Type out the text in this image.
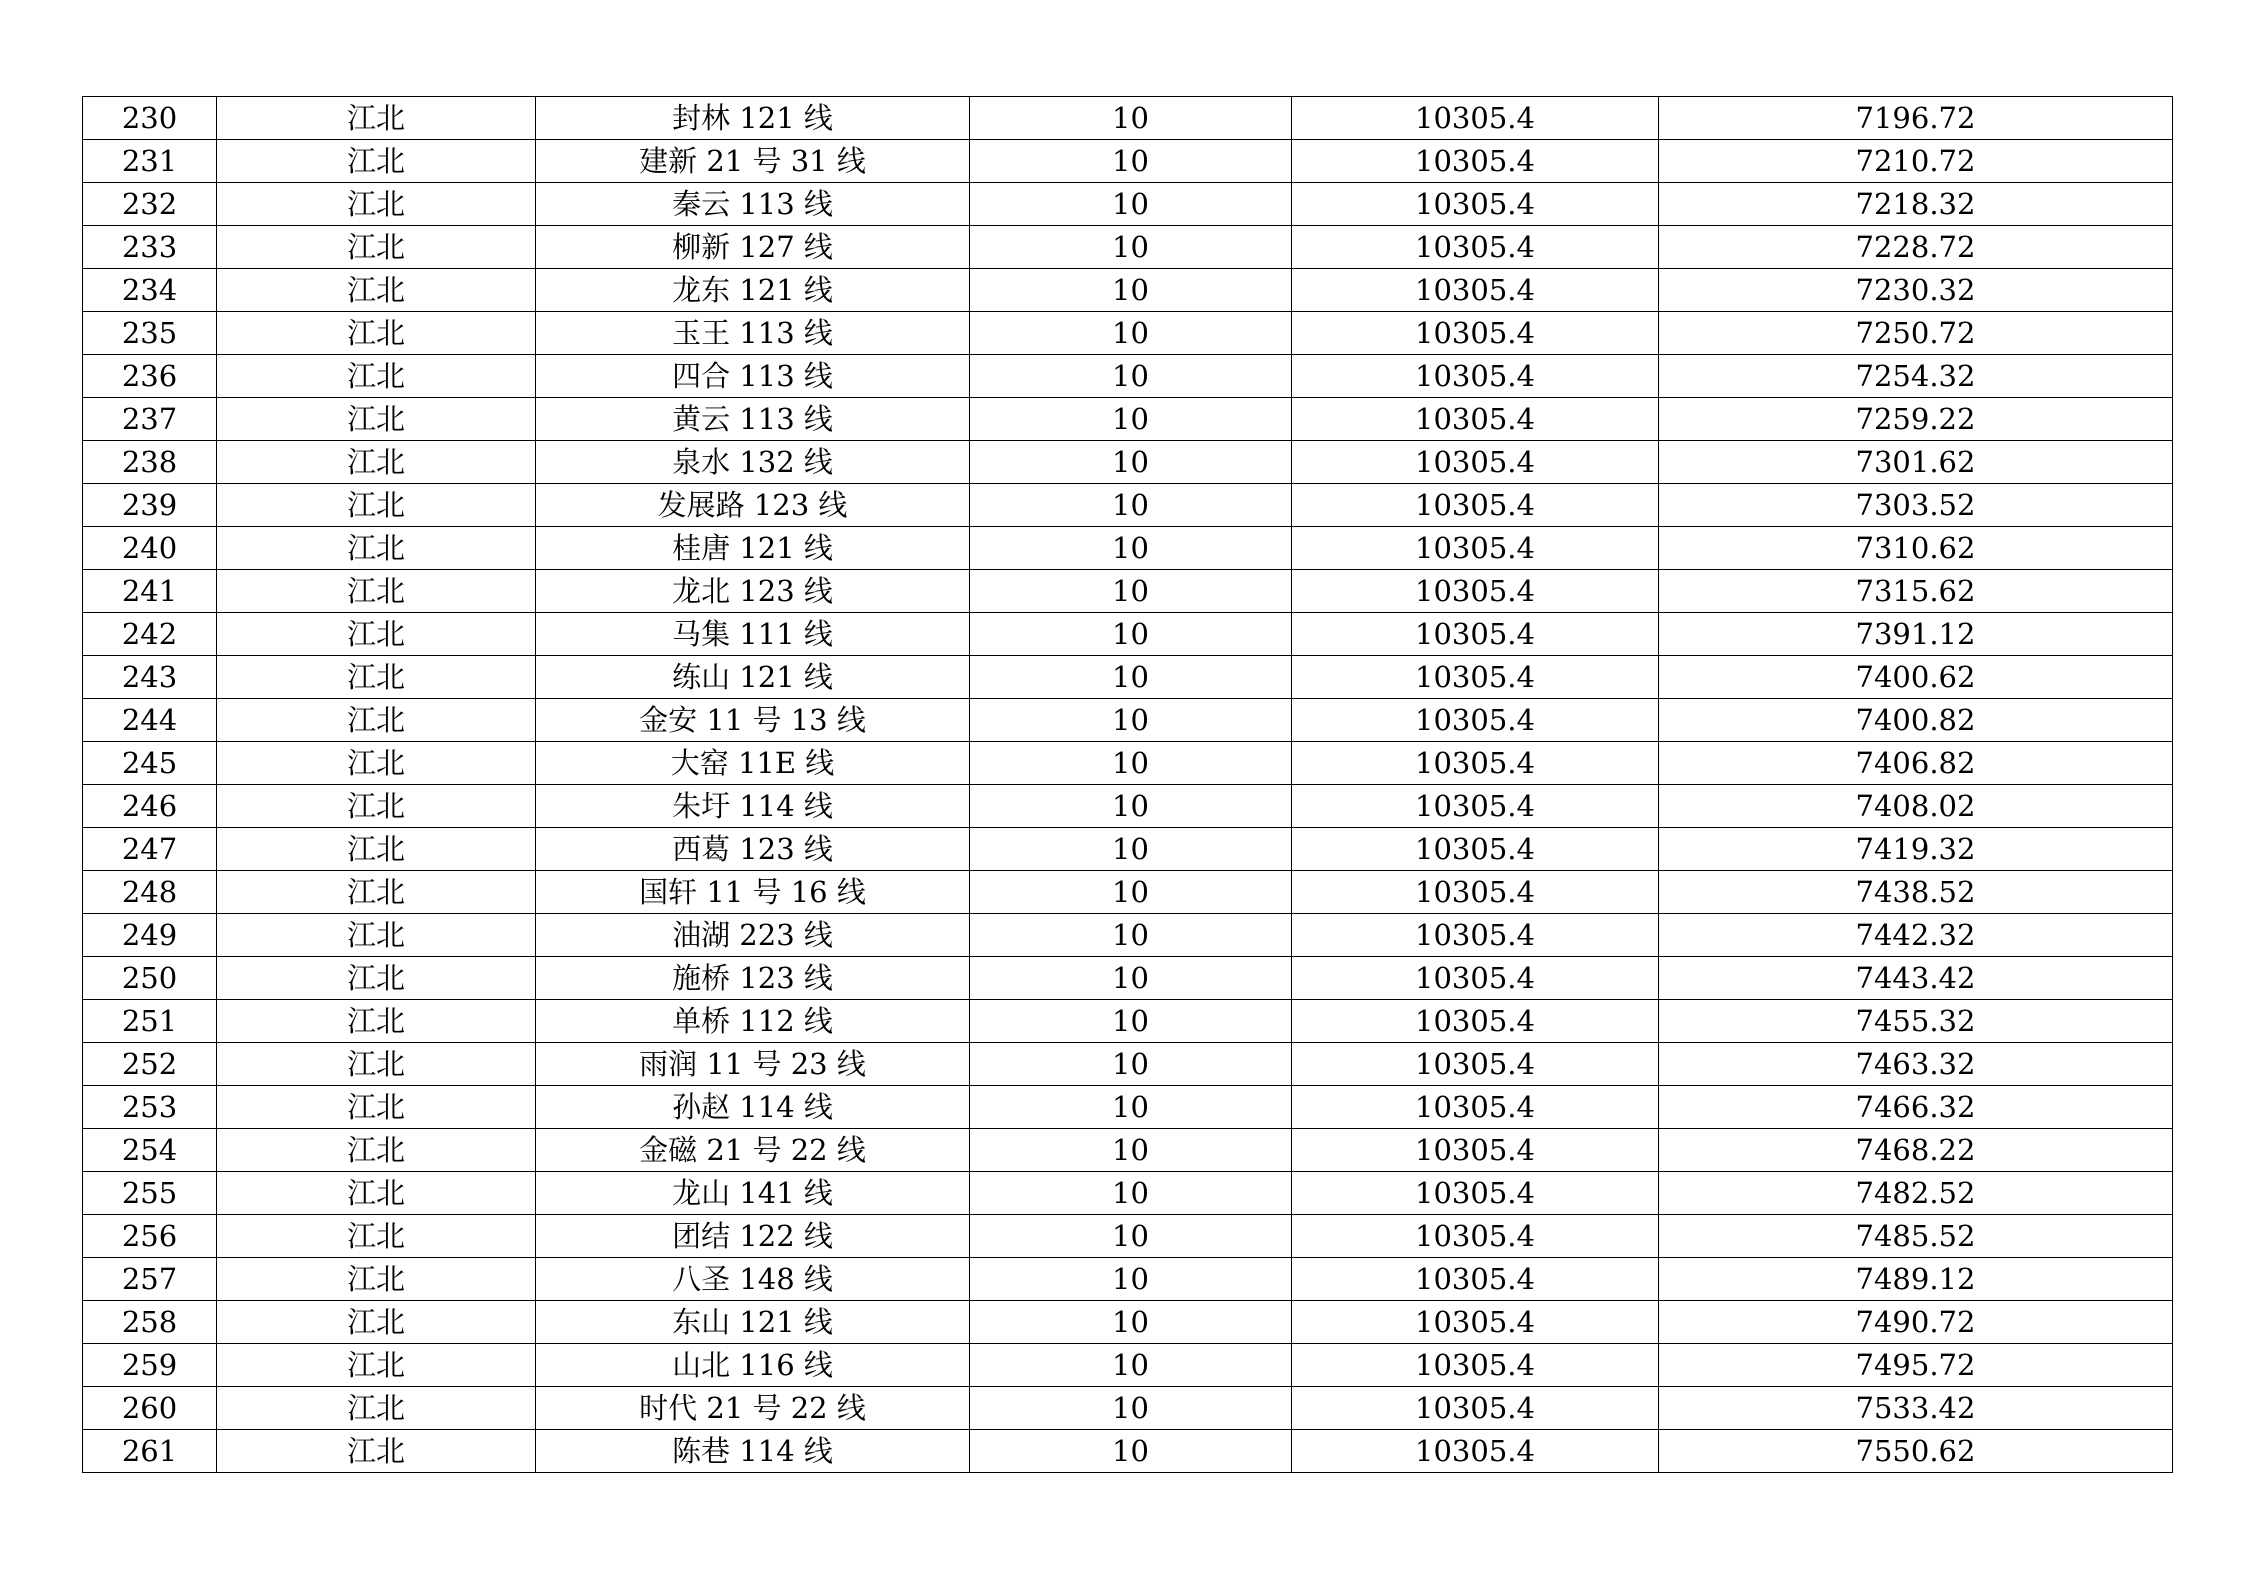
230	江北	封林 121 线	10	10305.4	7196.72
231	江北	建新 21 号 31 线	10	10305.4	7210.72
232	江北	秦云 113 线	10	10305.4	7218.32
233	江北	柳新 127 线	10	10305.4	7228.72
234	江北	龙东 121 线	10	10305.4	7230.32
235	江北	玉王 113 线	10	10305.4	7250.72
236	江北	四合 113 线	10	10305.4	7254.32
237	江北	黄云 113 线	10	10305.4	7259.22
238	江北	泉水 132 线	10	10305.4	7301.62
239	江北	发展路 123 线	10	10305.4	7303.52
240	江北	桂唐 121 线	10	10305.4	7310.62
241	江北	龙北 123 线	10	10305.4	7315.62
242	江北	马集 111 线	10	10305.4	7391.12
243	江北	练山 121 线	10	10305.4	7400.62
244	江北	金安 11 号 13 线	10	10305.4	7400.82
245	江北	大窑 11E 线	10	10305.4	7406.82
246	江北	朱圩 114 线	10	10305.4	7408.02
247	江北	西葛 123 线	10	10305.4	7419.32
248	江北	国轩 11 号 16 线	10	10305.4	7438.52
249	江北	油湖 223 线	10	10305.4	7442.32
250	江北	施桥 123 线	10	10305.4	7443.42
251	江北	单桥 112 线	10	10305.4	7455.32
252	江北	雨润 11 号 23 线	10	10305.4	7463.32
253	江北	孙赵 114 线	10	10305.4	7466.32
254	江北	金磁 21 号 22 线	10	10305.4	7468.22
255	江北	龙山 141 线	10	10305.4	7482.52
256	江北	团结 122 线	10	10305.4	7485.52
257	江北	八圣 148 线	10	10305.4	7489.12
258	江北	东山 121 线	10	10305.4	7490.72
259	江北	山北 116 线	10	10305.4	7495.72
260	江北	时代 21 号 22 线	10	10305.4	7533.42
261	江北	陈巷 114 线	10	10305.4	7550.62
